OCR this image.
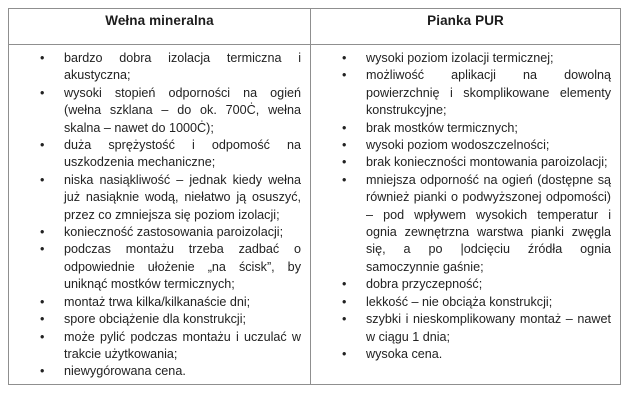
Wełna mineralna	Pianka PUR
• bardzo dobra izolacja termiczna i akustyczna;
• wysoki stopień odporności na ogień (wełna szklana – do ok. 700Ċ, wełna skalna – nawet do 1000Ċ);
• duża sprężystość i odpomość na uszkodzenia mechaniczne;
• niska nasiąkliwość – jednak kiedy wełna już nasiąknie wodą, niełatwo ją osuszyć, przez co zmniejsza się poziom izolacji;
• konieczność zastosowania paroizolacji;
• podczas montażu trzeba zadbać o odpowiednie ułożenie „na ścisk”, by uniknąć mostków termicznych;
• montaż trwa kilka/kilkanaście dni;
• spore obciążenie dla konstrukcji;
• może pylić podczas montażu i uczulać w trakcie użytkowania;
• niewygórowana cena.
• wysoki poziom izolacji termicznej;
• możliwość aplikacji na dowolną powierzchnię i skomplikowane elementy konstrukcyjne;
• brak mostków termicznych;
• wysoki poziom wodoszczelności;
• brak konieczności montowania paroizolacji;
• mniejsza odporność na ogień (dostępne są również pianki o podwyższonej odpomości) – pod wpływem wysokich temperatur i ognia zewnętrzna warstwa pianki zwęgla się, a po |odcięciu źródła ognia samoczynnie gaśnie;
• dobra przyczepność;
• lekkość – nie obciąża konstrukcji;
• szybki i nieskomplikowany montaż – nawet w ciągu 1 dnia;
• wysoka cena.
